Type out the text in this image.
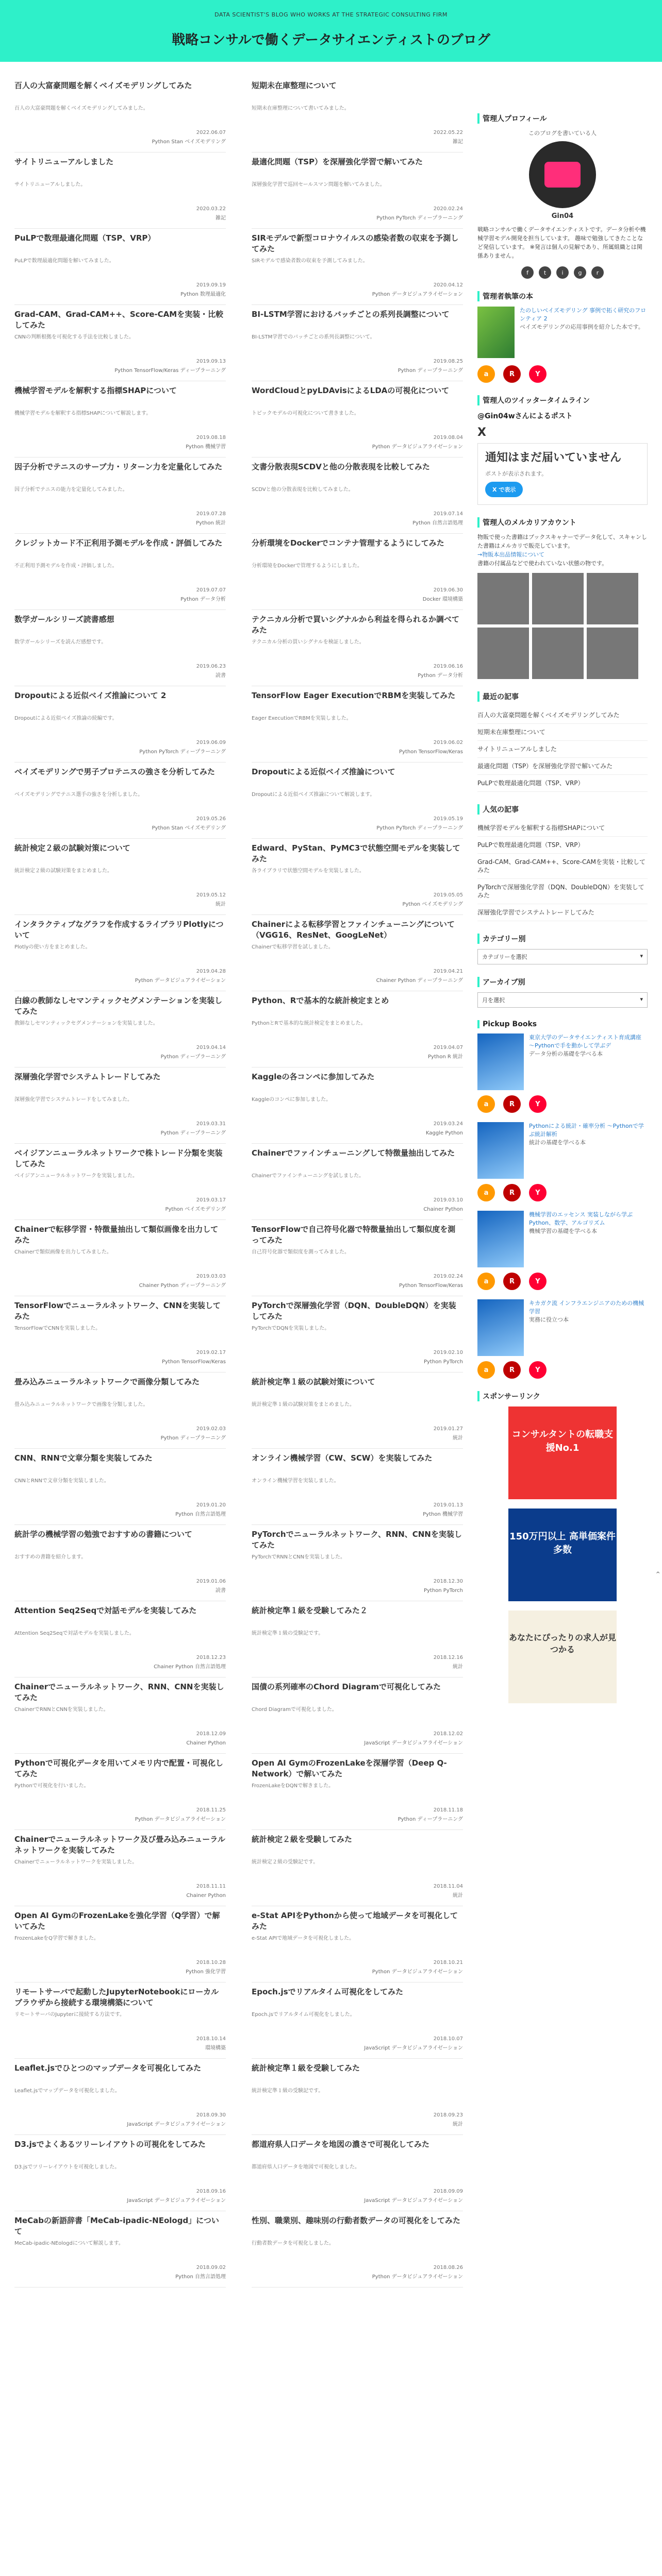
DATA SCIENTIST'S BLOG WHO WORKS AT THE STRATEGIC CONSULTING FIRM
戦略コンサルで働くデータサイエンティストのブログ
百人の大富豪問題を解くベイズモデリングしてみた

百人の大富豪問題を解くベイズモデリングしてみました。

2022.06.07
Python Stan ベイズモデリング
短期未在庫整理について

短期未在庫整理について書いてみました。

2022.05.22
雑記
サイトリニューアルしました

サイトリニューアルしました。

2020.03.22
雑記
最適化問題（TSP）を深層強化学習で解いてみた

深層強化学習で巡回セールスマン問題を解いてみました。

2020.02.24
Python PyTorch ディープラーニング
PuLPで数理最適化問題（TSP、VRP）

PuLPで数理最適化問題を解いてみました。

2019.09.19
Python 数理最適化
SIRモデルで新型コロナウイルスの感染者数の収束を予測してみた

SIRモデルで感染者数の収束を予測してみました。

2020.04.12
Python データビジュアライゼーション
Grad-CAM、Grad-CAM++、Score-CAMを実装・比較してみた

CNNの判断根拠を可視化する手法を比較しました。

2019.09.13
Python TensorFlow/Keras ディープラーニング
BI-LSTM学習におけるバッチごとの系列長調整について

BI-LSTM学習でのバッチごとの系列長調整について。

2019.08.25
Python ディープラーニング
機械学習モデルを解釈する指標SHAPについて

機械学習モデルを解釈する指標SHAPについて解説します。

2019.08.18
Python 機械学習
WordCloudとpyLDAvisによるLDAの可視化について

トピックモデルの可視化について書きました。

2019.08.04
Python データビジュアライゼーション
因子分析でテニスのサーブ力・リターン力を定量化してみた

因子分析でテニスの能力を定量化してみました。

2019.07.28
Python 統計
文書分散表現SCDVと他の分散表現を比較してみた

SCDVと他の分散表現を比較してみました。

2019.07.14
Python 自然言語処理
クレジットカード不正利用予測モデルを作成・評価してみた

不正利用予測モデルを作成・評価しました。

2019.07.07
Python データ分析
分析環境をDockerでコンテナ管理するようにしてみた

分析環境をDockerで管理するようにしました。

2019.06.30
Docker 環境構築
数学ガールシリーズ読書感想

数学ガールシリーズを読んだ感想です。

2019.06.23
読書
テクニカル分析で買いシグナルから利益を得られるか調べてみた

テクニカル分析の買いシグナルを検証しました。

2019.06.16
Python データ分析
Dropoutによる近似ベイズ推論について 2

Dropoutによる近似ベイズ推論の続編です。

2019.06.09
Python PyTorch ディープラーニング
TensorFlow Eager ExecutionでRBMを実装してみた

Eager ExecutionでRBMを実装しました。

2019.06.02
Python TensorFlow/Keras
ベイズモデリングで男子プロテニスの強さを分析してみた

ベイズモデリングでテニス選手の強さを分析しました。

2019.05.26
Python Stan ベイズモデリング
Dropoutによる近似ベイズ推論について

Dropoutによる近似ベイズ推論について解説します。

2019.05.19
Python PyTorch ディープラーニング
統計検定２級の試験対策について

統計検定２級の試験対策をまとめました。

2019.05.12
統計
Edward、PyStan、PyMC3で状態空間モデルを実装してみた

各ライブラリで状態空間モデルを実装しました。

2019.05.05
Python ベイズモデリング
インタラクティブなグラフを作成するライブラリPlotlyについて

Plotlyの使い方をまとめました。

2019.04.28
Python データビジュアライゼーション
Chainerによる転移学習とファインチューニングについて（VGG16、ResNet、GoogLeNet）

Chainerで転移学習を試しました。

2019.04.21
Chainer Python ディープラーニング
白線の教師なしセマンティックセグメンテーションを実装してみた

教師なしセマンティックセグメンテーションを実装しました。

2019.04.14
Python ディープラーニング
Python、Rで基本的な統計検定まとめ

PythonとRで基本的な統計検定をまとめました。

2019.04.07
Python R 統計
深層強化学習でシステムトレードしてみた

深層強化学習でシステムトレードをしてみました。

2019.03.31
Python ディープラーニング
Kaggleの各コンペに参加してみた

Kaggleのコンペに参加しました。

2019.03.24
Kaggle Python
ベイジアンニューラルネットワークで株トレード分類を実装してみた

ベイジアンニューラルネットワークを実装しました。

2019.03.17
Python ベイズモデリング
Chainerでファインチューニングして特徴量抽出してみた

Chainerでファインチューニングを試しました。

2019.03.10
Chainer Python
Chainerで転移学習・特徴量抽出して類似画像を出力してみた

Chainerで類似画像を出力してみました。

2019.03.03
Chainer Python ディープラーニング
TensorFlowで自己符号化器で特徴量抽出して類似度を測ってみた

自己符号化器で類似度を測ってみました。

2019.02.24
Python TensorFlow/Keras
TensorFlowでニューラルネットワーク、CNNを実装してみた

TensorFlowでCNNを実装しました。

2019.02.17
Python TensorFlow/Keras
PyTorchで深層強化学習（DQN、DoubleDQN）を実装してみた

PyTorchでDQNを実装しました。

2019.02.10
Python PyTorch
畳み込みニューラルネットワークで画像分類してみた

畳み込みニューラルネットワークで画像を分類しました。

2019.02.03
Python ディープラーニング
統計検定準１級の試験対策について

統計検定準１級の試験対策をまとめました。

2019.01.27
統計
CNN、RNNで文章分類を実装してみた

CNNとRNNで文章分類を実装しました。

2019.01.20
Python 自然言語処理
オンライン機械学習（CW、SCW）を実装してみた

オンライン機械学習を実装しました。

2019.01.13
Python 機械学習
統計学の機械学習の勉強でおすすめの書籍について

おすすめの書籍を紹介します。

2019.01.06
読書
PyTorchでニューラルネットワーク、RNN、CNNを実装してみた

PyTorchでRNNとCNNを実装しました。

2018.12.30
Python PyTorch
Attention Seq2Seqで対話モデルを実装してみた

Attention Seq2Seqで対話モデルを実装しました。

2018.12.23
Chainer Python 自然言語処理
統計検定準１級を受験してみた２

統計検定準１級の受験記です。

2018.12.16
統計
Chainerでニューラルネットワーク、RNN、CNNを実装してみた

ChainerでRNNとCNNを実装しました。

2018.12.09
Chainer Python
国債の系列確率のChord Diagramで可視化してみた

Chord Diagramで可視化しました。

2018.12.02
JavaScript データビジュアライゼーション
Pythonで可視化データを用いてメモリ内で配置・可視化してみた

Pythonで可視化を行いました。

2018.11.25
Python データビジュアライゼーション
Open AI GymのFrozenLakeを深層学習（Deep Q-Network）で解いてみた

FrozenLakeをDQNで解きました。

2018.11.18
Python ディープラーニング
Chainerでニューラルネットワーク及び畳み込みニューラルネットワークを実装してみた

Chainerでニューラルネットワークを実装しました。

2018.11.11
Chainer Python
統計検定２級を受験してみた

統計検定２級の受験記です。

2018.11.04
統計
Open AI GymのFrozenLakeを強化学習（Q学習）で解いてみた

FrozenLakeをQ学習で解きました。

2018.10.28
Python 強化学習
e-Stat APIをPythonから使って地域データを可視化してみた

e-Stat APIで地域データを可視化しました。

2018.10.21
Python データビジュアライゼーション
リモートサーバで起動したJupyterNotebookにローカルブラウザから接続する環境構築について

リモートサーバのJupyterに接続する方法です。

2018.10.14
環境構築
Epoch.jsでリアルタイム可視化をしてみた

Epoch.jsでリアルタイム可視化をしました。

2018.10.07
JavaScript データビジュアライゼーション
Leaflet.jsでひとつのマップデータを可視化してみた

Leaflet.jsでマップデータを可視化しました。

2018.09.30
JavaScript データビジュアライゼーション
統計検定準１級を受験してみた

統計検定準１級の受験記です。

2018.09.23
統計
D3.jsでよくあるツリーレイアウトの可視化をしてみた

D3.jsでツリーレイアウトを可視化しました。

2018.09.16
JavaScript データビジュアライゼーション
都道府県人口データを地図の濃さで可視化してみた

都道府県人口データを地図で可視化しました。

2018.09.09
JavaScript データビジュアライゼーション
MeCabの新語辞書「MeCab-ipadic-NEologd」について

MeCab-ipadic-NEologdについて解説します。

2018.09.02
Python 自然言語処理
性別、職業別、趣味別の行動者数データの可視化をしてみた

行動者数データを可視化しました。

2018.08.26
Python データビジュアライゼーション
管理人プロフィール
このブログを書いている人
Gin04
戦略コンサルで働くデータサイエンティストです。データ分析や機械学習モデル開発を担当しています。 趣味で勉強してきたことなど発信しています。 ※発言は個人の見解であり、所属組織とは関係ありません。
f	t	i	g	r
管理者執筆の本
たのしいベイズモデリング 事例で拓く研究のフロンティア 2
ベイズモデリングの応用事例を紹介した本です。
a	R	Y
管理人のツイッタータイムライン
@Gin04wさんによるポスト
X
通知はまだ届いていません
ポストが表示されます。
X で表示
管理人のメルカリアカウント
物販で使った書籍はブックスキャナーでデータ化して、スキャンした書籍はメルカリで販売しています。
→物販本出品情報について
書籍の付属品などで使われていない状態の物です。
最近の記事
百人の大富豪問題を解くベイズモデリングしてみた
短期未在庫整理について
サイトリニューアルしました
最適化問題（TSP）を深層強化学習で解いてみた
PuLPで数理最適化問題（TSP、VRP）
人気の記事
機械学習モデルを解釈する指標SHAPについて
PuLPで数理最適化問題（TSP、VRP）
Grad-CAM、Grad-CAM++、Score-CAMを実装・比較してみた
PyTorchで深層強化学習（DQN、DoubleDQN）を実装してみた
深層強化学習でシステムトレードしてみた
カテゴリー別
カテゴリーを選択	▾
アーカイブ別
月を選択	▾
Pickup Books
東京大学のデータサイエンティスト育成講座 ～Pythonで手を動かして学ぶデ
データ分析の基礎を学べる本
a	R	Y
Pythonによる統計・確率分析 ～Pythonで学ぶ統計解析
統計の基礎を学べる本
a	R	Y
機械学習のエッセンス 実装しながら学ぶPython、数学、アルゴリズム
機械学習の基礎を学べる本
a	R	Y
キカガク流 インフラエンジニアのための機械学習
実務に役立つ本
a	R	Y
スポンサーリンク
コンサルタントの転職支援No.1
150万円以上 高単価案件多数
あなたにぴったりの求人が見つかる
^
